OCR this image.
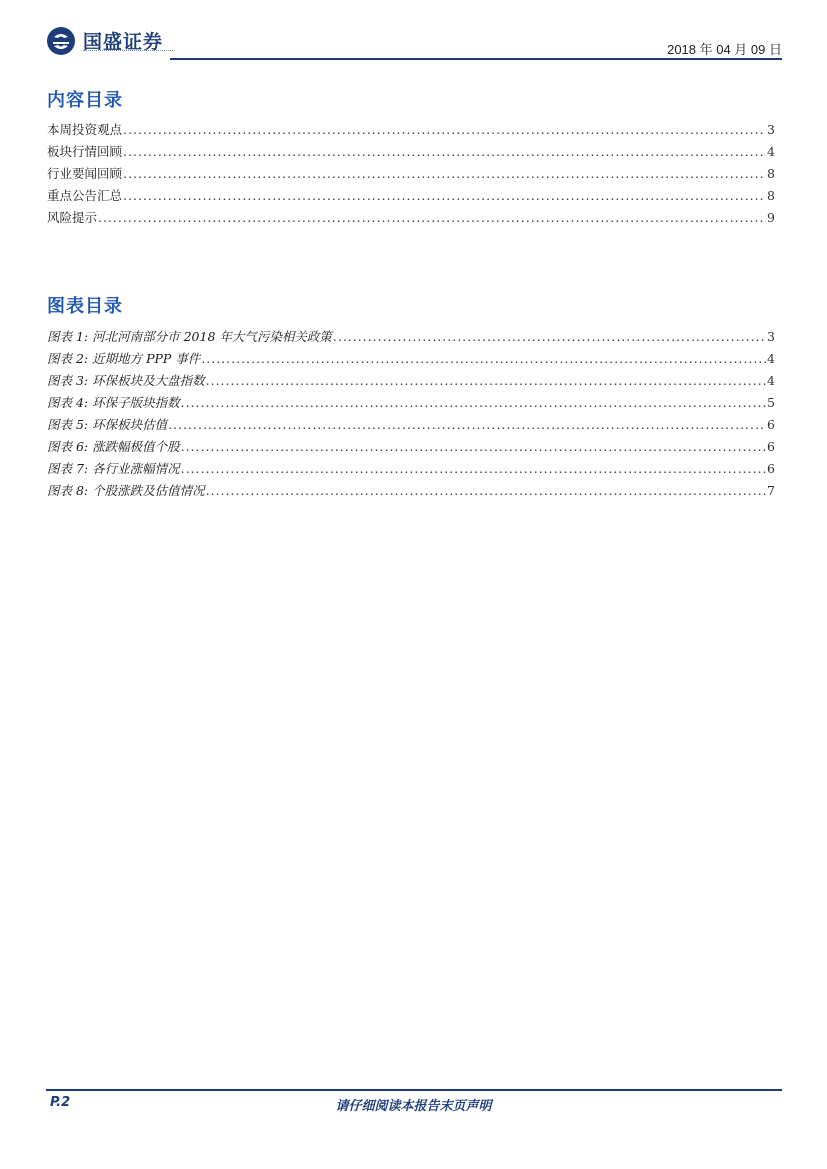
国盛证券	2018 年 04 月 09 日
内容目录
本周投资观点 .....	3
板块行情回顾 .....	4
行业要闻回顾 .....	8
重点公告汇总 .....	8
风险提示 .....	9
图表目录
图表 1: 河北河南部分市 2018 年大气污染相关政策 .....	3
图表 2: 近期地方 PPP 事件 .....	4
图表 3: 环保板块及大盘指数 .....	4
图表 4: 环保子版块指数 .....	5
图表 5: 环保板块估值 .....	6
图表 6: 涨跌幅极值个股 .....	6
图表 7: 各行业涨幅情况 .....	6
图表 8: 个股涨跌及估值情况 .....	7
请仔细阅读本报告末页声明
P.2
